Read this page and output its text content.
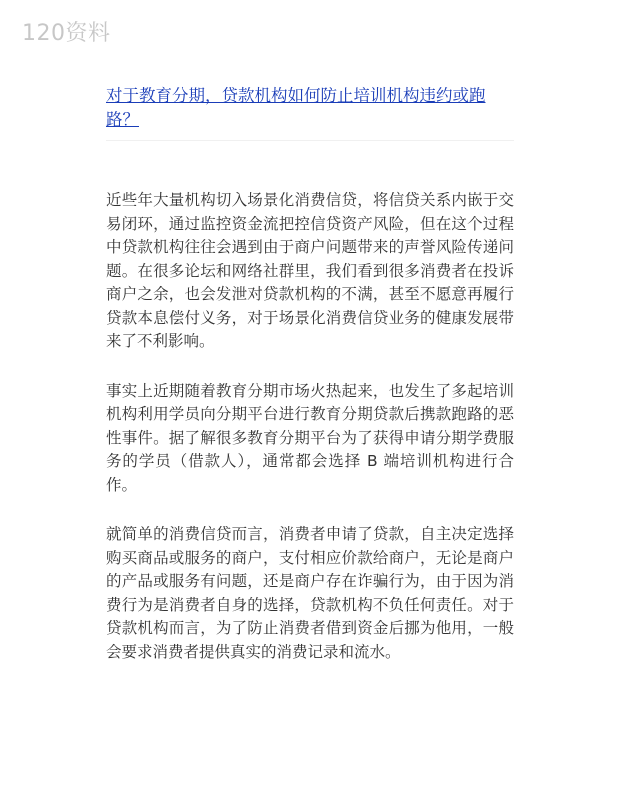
120资料
对于教育分期，贷款机构如何防止培训机构违约或跑路？

近些年大量机构切入场景化消费信贷，将信贷关系内嵌于交易闭环，通过监控资金流把控信贷资产风险，但在这个过程中贷款机构往往会遇到由于商户问题带来的声誉风险传递问题。在很多论坛和网络社群里，我们看到很多消费者在投诉商户之余，也会发泄对贷款机构的不满，甚至不愿意再履行贷款本息偿付义务，对于场景化消费信贷业务的健康发展带来了不利影响。

事实上近期随着教育分期市场火热起来，也发生了多起培训机构利用学员向分期平台进行教育分期贷款后携款跑路的恶性事件。据了解很多教育分期平台为了获得申请分期学费服务的学员（借款人），通常都会选择 B 端培训机构进行合作。

就简单的消费信贷而言，消费者申请了贷款，自主决定选择购买商品或服务的商户，支付相应价款给商户，无论是商户的产品或服务有问题，还是商户存在诈骗行为，由于因为消费行为是消费者自身的选择，贷款机构不负任何责任。对于贷款机构而言，为了防止消费者借到资金后挪为他用，一般会要求消费者提供真实的消费记录和流水。
